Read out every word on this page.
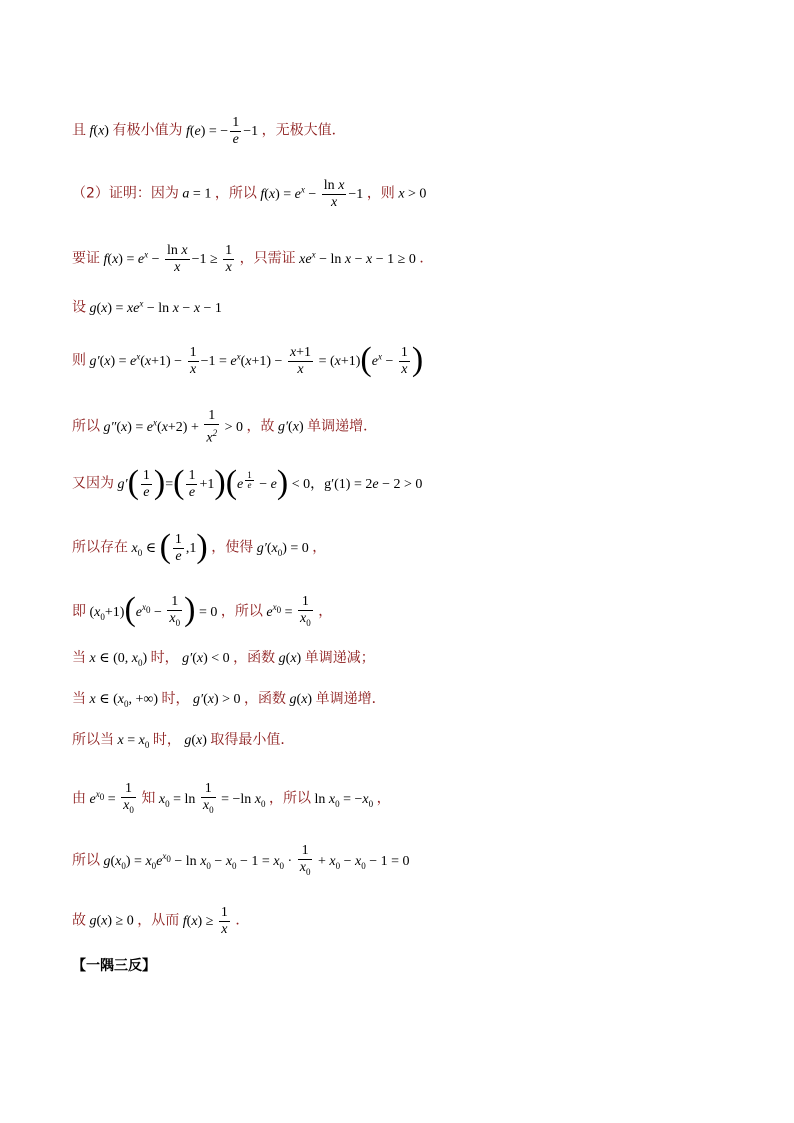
且 f(x) 有极小值为 f(e) = − $\frac{1}{e} -1$ ，无极大值．
（2）证明：因为 a = 1 ，所以 $f(x) = e^x - \frac{\text{ln x}}{x} -1$ ，则 x > 0
要证 $f(x) = e^x - \frac{\text{ln x}}{x} -1 \ge \frac{1}{x}$ ，只需证 $xe^x - \ln x - x - 1 \ge 0$ ．
设 $g(x) = xe^x - \ln x - x - 1$
则 $g'(x) = e^x(x+1) - \frac{1}{x} -1 = e^x(x+1) - \frac{x+1}{x} = (x+1)(e^x - \frac{1}{x}$ )
所以 $g''(x) = e^x(x+2) + \frac{1}{x^2} > 0$ ，故 g′(x) 单调递增．
又因为 $g'( \frac{1}{e}$ )=( $\frac{1}{e} +1)(e$ $^{\frac{1}{e}}$ − e) < 0，g′(1) = 2e − 2 > 0
所以存在 $x_0$ ∈ ( $\frac{1}{e} ,1$) ，使得 $g'(x_0) = 0$ ，
即 $(x_0+1)(e^{x_0} - \frac{1}{x_0}$ ) = 0 ，所以 $e^{x_0} = \frac{1}{x_0}$ ，
当 x ∈ (0, $x_0$) 时， g′(x) < 0 ，函数 g(x) 单调递减；
当 x ∈ ($x_0$, +∞) 时， g′(x) > 0 ，函数 g(x) 单调递增．
所以当 $x = x_0$ 时， g(x) 取得最小值．
由 $e^{x_0} = \frac{1}{x_0}$ 知 $x_0 = \ln \frac{1}{x_0} = -\ln$ $x_0$ ，所以 $\ln x_0 = -x_0$ ，
所以 $g(x_0) = x_0e^{x_0} - \ln x_0 - x_0 - 1 = x_0 \cdot \frac{1}{x_0} + x_0 - x_0 - 1 = 0$
故 g(x) ≥ 0 ，从而 $f(x) \ge \frac{1}{x}$ ．
【一隅三反】
